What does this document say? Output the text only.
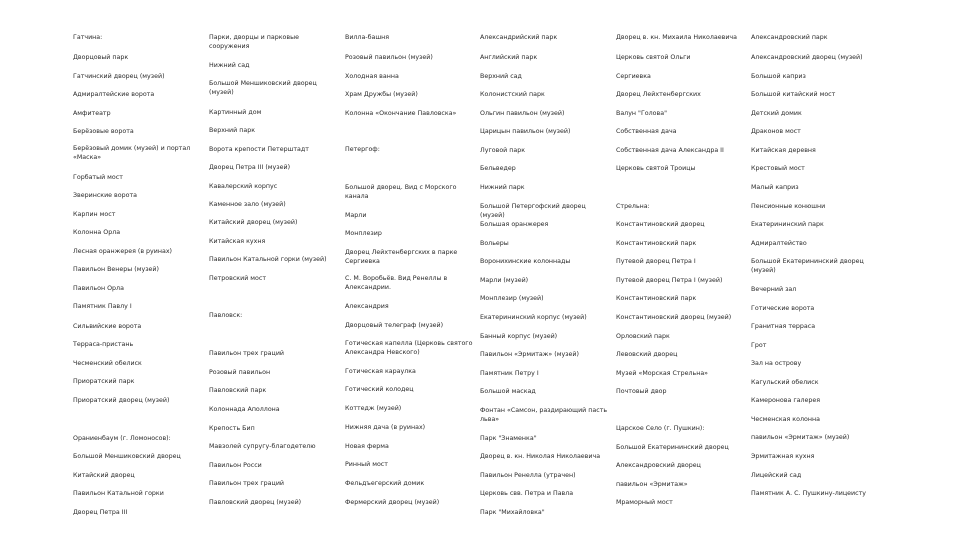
Гатчина:
Дворцовый парк
Гатчинский дворец (музей)
Адмиралтейские ворота
Амфитеатр
Берёзовые ворота
Берёзовый домик (музей) и портал «Маска»
Горбатый мост
Зверинские ворота
Карпин мост
Колонна Орла
Лесная оранжерея (в руинах)
Павильон Венеры (музей)
Павильон Орла
Памятник Павлу I
Сильвийские ворота
Терраса-пристань
Чесменский обелиск
Приоратский парк
Приоратский дворец (музей)
Ораниенбаум (г. Ломоносов):
Большой Меншиковский дворец
Китайский дворец
Павильон Катальной горки
Дворец Петра III
Парки, дворцы и парковые сооружения
Нижний сад
Большой Меншиковский дворец (музей)
Картинный дом
Верхний парк
Ворота крепости Петерштадт
Дворец Петра III (музей)
Кавалерский корпус
Каменное зало (музей)
Китайский дворец (музей)
Китайская кухня
Павильон Катальной горки (музей)
Петровский мост
Павловск:
Павильон трех граций
Розовый павильон
Павловский парк
Колоннада Аполлона
Крепость Бип
Мавзолей супругу-благодетелю
Павильон Росси
Павильон трех граций
Павловский дворец (музей)
Вилла-башня
Розовый павильон (музей)
Холодная ванна
Храм Дружбы (музей)
Колонна «Окончание Павловска»
Петергоф:
Большой дворец. Вид с Морского канала
Марли
Монплезир
Дворец Лейхтенбергских в парке Сергиевка
С. М. Воробьёв. Вид Ренеллы в Александрии.
Александрия
Дворцовый телеграф (музей)
Готическая капелла (Церковь святого Александра Невского)
Готическая караулка
Готический колодец
Коттедж (музей)
Нижняя дача (в руинах)
Новая ферма
Ринный мост
Фельдъегерский домик
Фермерский дворец (музей)
Александрийский парк
Английский парк
Верхний сад
Колонистский парк
Ольгин павильон (музей)
Царицын павильон (музей)
Луговой парк
Бельведер
Нижний парк
Большой Петергофский дворец (музей)
Большая оранжерея
Вольеры
Воронихинские колоннады
Марли (музей)
Монплезир (музей)
Екатерининский корпус (музей)
Банный корпус (музей)
Павильон «Эрмитаж» (музей)
Памятник Петру I
Большой маскад
Фонтан «Самсон, раздирающий пасть льва»
Парк "Знаменка"
Дворец в. кн. Николая Николаевича
Павильон Ренелла (утрачен)
Церковь свв. Петра и Павла
Парк "Михайловка"
Дворец в. кн. Михаила Николаевича
Церковь святой Ольги
Сергиевка
Дворец Лейхтенбергских
Валун "Голова"
Собственная дача
Собственная дача Александра II
Церковь святой Троицы
Стрельна:
Константиновский дворец
Константиновский парк
Путевой дворец Петра I
Путевой дворец Петра I (музей)
Константиновский парк
Константиновский дворец (музей)
Орловский парк
Левовский дворец
Музей «Морская Стрельна»
Почтовый двор
Царское Село (г. Пушкин):
Большой Екатерининский дворец
Александровский дворец
павильон «Эрмитаж»
Мраморный мост
Александровский парк
Александровский дворец (музей)
Большой каприз
Большой китайский мост
Детский домик
Драконов мост
Китайская деревня
Крестовый мост
Малый каприз
Пенсионные конюшни
Екатерининский парк
Адмиралтейство
Большой Екатерининский дворец (музей)
Вечерний зал
Готические ворота
Гранитная терраса
Грот
Зал на острову
Кагульский обелиск
Камеронова галерея
Чесменская колонна
павильон «Эрмитаж» (музей)
Эрмитажная кухня
Лицейский сад
Памятник А. С. Пушкину-лицеисту
